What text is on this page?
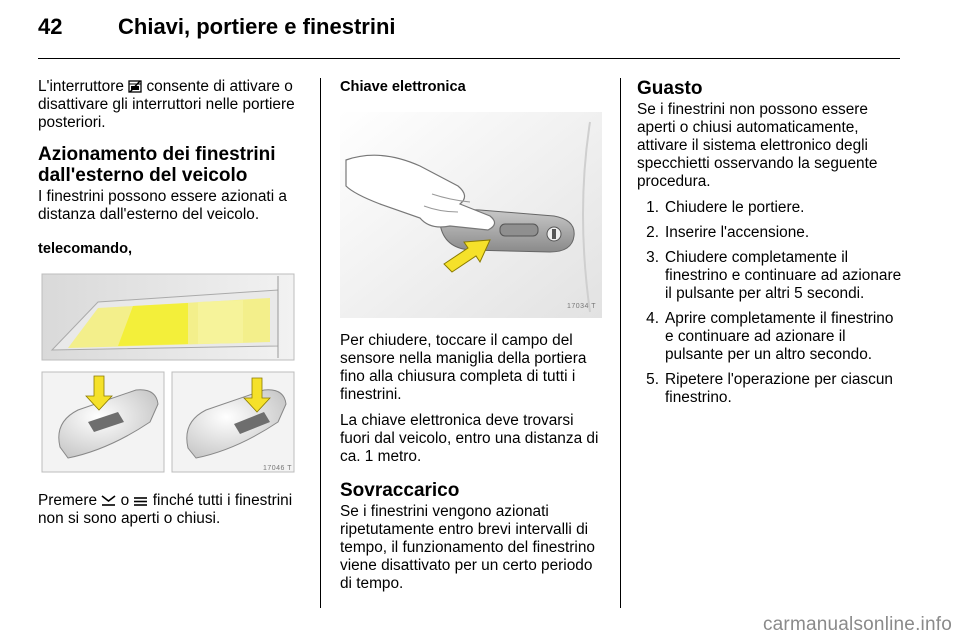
42	Chiavi, portiere e finestrini

L'interruttore consente di attivare o disattivare gli interruttori nelle portiere posteriori.

Azionamento dei finestrini dall'esterno del veicolo

I finestrini possono essere azionati a distanza dall'esterno del veicolo.

telecomando,

17046 T

Premere o finché tutti i finestrini non si sono aperti o chiusi.

Chiave elettronica

17034 T

Per chiudere, toccare il campo del sensore nella maniglia della portiera fino alla chiusura completa di tutti i finestrini.

La chiave elettronica deve trovarsi fuori dal veicolo, entro una distanza di ca. 1 metro.

Sovraccarico

Se i finestrini vengono azionati ripetutamente entro brevi intervalli di tempo, il funzionamento del finestrino viene disattivato per un certo periodo di tempo.

Guasto

Se i finestrini non possono essere aperti o chiusi automaticamente, attivare il sistema elettronico degli specchietti osservando la seguente procedura.

1. Chiudere le portiere.
2. Inserire l'accensione.
3. Chiudere completamente il finestrino e continuare ad azionare il pulsante per altri 5 secondi.
4. Aprire completamente il finestrino e continuare ad azionare il pulsante per un altro secondo.
5. Ripetere l'operazione per ciascun finestrino.
carmanualsonline.info
